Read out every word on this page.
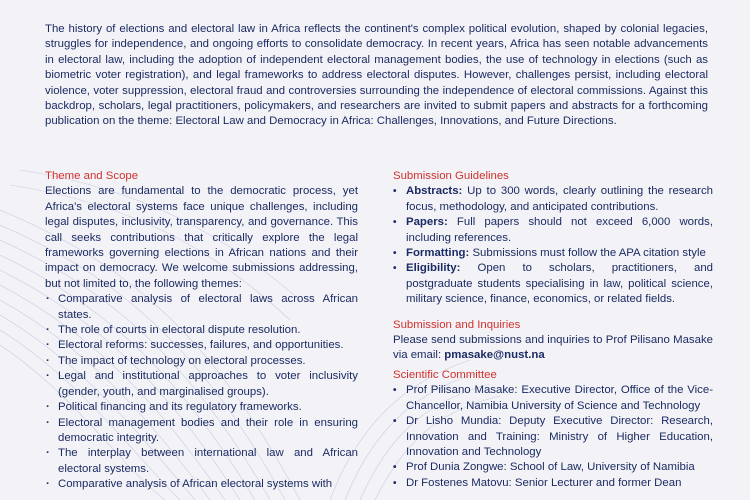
The history of elections and electoral law in Africa reflects the continent's complex political evolution, shaped by colonial legacies, struggles for independence, and ongoing efforts to consolidate democracy. In recent years, Africa has seen notable advancements in electoral law, including the adoption of independent electoral management bodies, the use of technology in elections (such as biometric voter registration), and legal frameworks to address electoral disputes. However, challenges persist, including electoral violence, voter suppression, electoral fraud and controversies surrounding the independence of electoral commissions. Against this backdrop, scholars, legal practitioners, policymakers, and researchers are invited to submit papers and abstracts for a forthcoming publication on the theme: Electoral Law and Democracy in Africa: Challenges, Innovations, and Future Directions.

Theme and Scope

Elections are fundamental to the democratic process, yet Africa's electoral systems face unique challenges, including legal disputes, inclusivity, transparency, and governance. This call seeks contributions that critically explore the legal frameworks governing elections in African nations and their impact on democracy. We welcome submissions addressing, but not limited to, the following themes:

· Comparative analysis of electoral laws across African states.
· The role of courts in electoral dispute resolution.
· Electoral reforms: successes, failures, and opportunities.
· The impact of technology on electoral processes.
· Legal and institutional approaches to voter inclusivity (gender, youth, and marginalised groups).
· Political financing and its regulatory frameworks.
· Electoral management bodies and their role in ensuring democratic integrity.
· The interplay between international law and African electoral systems.
· Comparative analysis of African electoral systems with
Submission Guidelines
• Abstracts: Up to 300 words, clearly outlining the research focus, methodology, and anticipated contributions.
• Papers: Full papers should not exceed 6,000 words, including references.
• Formatting: Submissions must follow the APA citation style
• Eligibility: Open to scholars, practitioners, and postgraduate students specialising in law, political science, military science, finance, economics, or related fields.
Submission and Inquiries

Please send submissions and inquiries to Prof Pilisano Masake via email: pmasake@nust.na

Scientific Committee
• Prof Pilisano Masake: Executive Director, Office of the Vice-Chancellor, Namibia University of Science and Technology
• Dr Lisho Mundia: Deputy Executive Director: Research, Innovation and Training: Ministry of Higher Education, Innovation and Technology
• Prof Dunia Zongwe: School of Law, University of Namibia
• Dr Fostenes Matovu: Senior Lecturer and former Dean
